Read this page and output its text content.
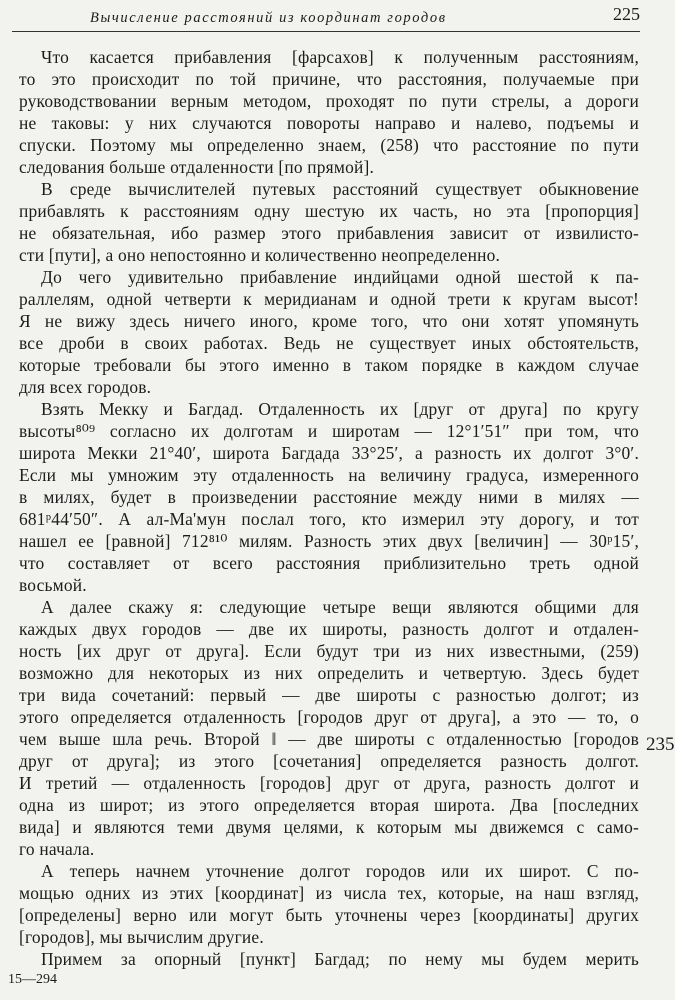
Вычисление расстояний из координат городов	225
Что касается прибавления [фарсахов] к полученным расстояниям,
то это происходит по той причине, что расстояния, получаемые при
руководствовании верным методом, проходят по пути стрелы, а дороги
не таковы: у них случаются повороты направо и налево, подъемы и
спуски. Поэтому мы определенно знаем, (258) что расстояние по пути
следования больше отдаленности [по прямой].
В среде вычислителей путевых расстояний существует обыкновение
прибавлять к расстояниям одну шестую их часть, но эта [пропорция]
не обязательная, ибо размер этого прибавления зависит от извилисто-
сти [пути], а оно непостоянно и количественно неопределенно.
До чего удивительно прибавление индийцами одной шестой к па-
раллелям, одной четверти к меридианам и одной трети к кругам высот!
Я не вижу здесь ничего иного, кроме того, что они хотят упомянуть
все дроби в своих работах. Ведь не существует иных обстоятельств,
которые требовали бы этого именно в таком порядке в каждом случае
для всех городов.
Взять Мекку и Багдад. Отдаленность их [друг от друга] по кругу
высоты⁸⁰⁹ согласно их долготам и широтам — 12°1′51″ при том, что
широта Мекки 21°40′, широта Багдада 33°25′, а разность их долгот 3°0′.
Если мы умножим эту отдаленность на величину градуса, измеренного
в милях, будет в произведении расстояние между ними в милях —
681ᵖ44′50″. А ал-Ма'мун послал того, кто измерил эту дорогу, и тот
нашел ее [равной] 712⁸¹⁰ милям. Разность этих двух [величин] — 30ᵖ15′,
что составляет от всего расстояния приблизительно треть одной
восьмой.
А далее скажу я: следующие четыре вещи являются общими для
каждых двух городов — две их широты, разность долгот и отдален-
ность [их друг от друга]. Если будут три из них известными, (259)
возможно для некоторых из них определить и четвертую. Здесь будет
три вида сочетаний: первый — две широты с разностью долгот; из
этого определяется отдаленность [городов друг от друга], а это — то, о
чем выше шла речь. Второй ‖ — две широты с отдаленностью [городов
друг от друга]; из этого [сочетания] определяется разность долгот.
И третий — отдаленность [городов] друг от друга, разность долгот и
одна из широт; из этого определяется вторая широта. Два [последних
вида] и являются теми двумя целями, к которым мы движемся с само-
го начала.
А теперь начнем уточнение долгот городов или их широт. С по-
мощью одних из этих [координат] из числа тех, которые, на наш взгляд,
[определены] верно или могут быть уточнены через [координаты] других
[городов], мы вычислим другие.
Примем за опорный [пункт] Багдад; по нему мы будем мерить
235
15—294
